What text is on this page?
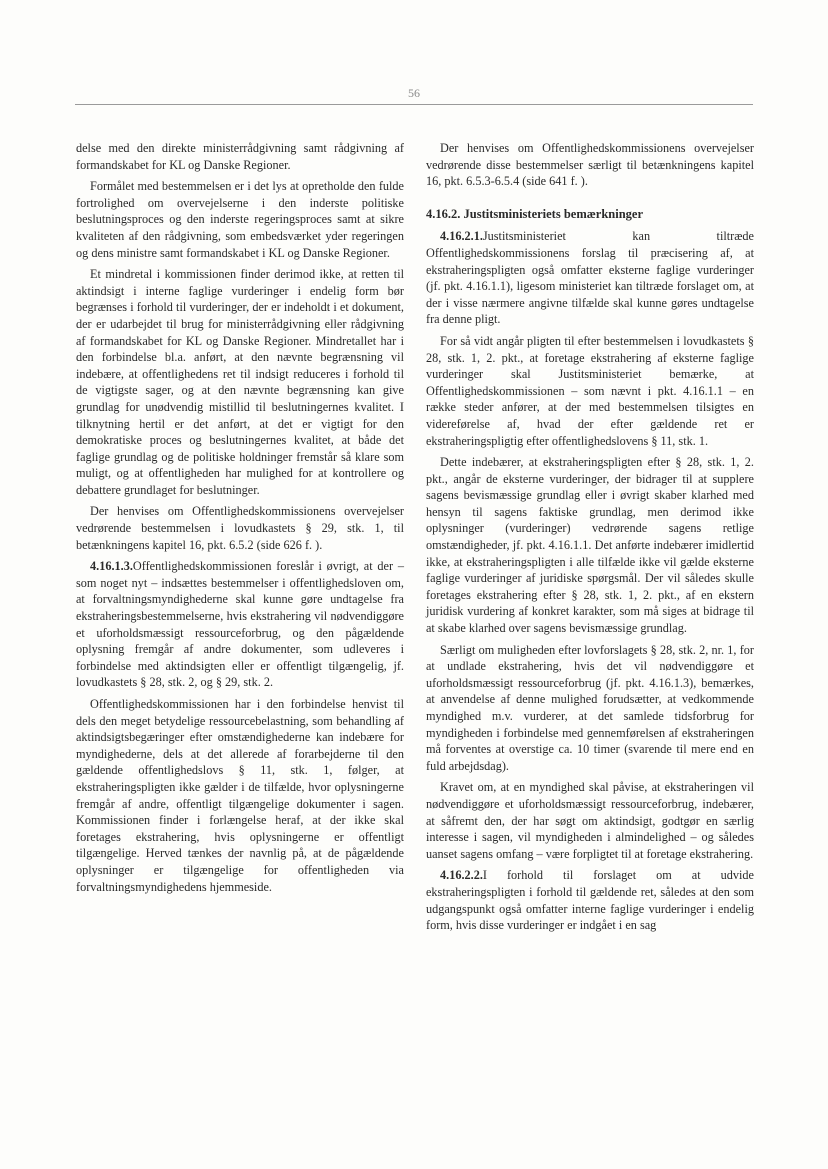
56

delse med den direkte ministerrådgivning samt rådgivning af formandskabet for KL og Danske Regioner.

Formålet med bestemmelsen er i det lys at opretholde den fulde fortrolighed om overvejelserne i den inderste politiske beslutningsproces og den inderste regeringsproces samt at sikre kvaliteten af den rådgivning, som embedsværket yder regeringen og dens ministre samt formandskabet i KL og Danske Regioner.

Et mindretal i kommissionen finder derimod ikke, at retten til aktindsigt i interne faglige vurderinger i endelig form bør begrænses i forhold til vurderinger, der er indeholdt i et dokument, der er udarbejdet til brug for ministerrådgivning eller rådgivning af formandskabet for KL og Danske Regioner. Mindretallet har i den forbindelse bl.a. anført, at den nævnte begrænsning vil indebære, at offentlighedens ret til indsigt reduceres i forhold til de vigtigste sager, og at den nævnte begrænsning kan give grundlag for unødvendig mistillid til beslutningernes kvalitet. I tilknytning hertil er det anført, at det er vigtigt for den demokratiske proces og beslutningernes kvalitet, at både det faglige grundlag og de politiske holdninger fremstår så klare som muligt, og at offentligheden har mulighed for at kontrollere og debattere grundlaget for beslutninger.

Der henvises om Offentlighedskommissionens overvejelser vedrørende bestemmelsen i lovudkastets § 29, stk. 1, til betænkningens kapitel 16, pkt. 6.5.2 (side 626 f. ).

4.16.1.3.Offentlighedskommissionen foreslår i øvrigt, at der – som noget nyt – indsættes bestemmelser i offentlighedsloven om, at forvaltningsmyndighederne skal kunne gøre undtagelse fra ekstraheringsbestemmelserne, hvis ekstrahering vil nødvendiggøre et uforholdsmæssigt ressourceforbrug, og den pågældende oplysning fremgår af andre dokumenter, som udleveres i forbindelse med aktindsigten eller er offentligt tilgængelig, jf. lovudkastets § 28, stk. 2, og § 29, stk. 2.

Offentlighedskommissionen har i den forbindelse henvist til dels den meget betydelige ressourcebelastning, som behandling af aktindsigtsbegæringer efter omstændighederne kan indebære for myndighederne, dels at det allerede af forarbejderne til den gældende offentlighedslovs § 11, stk. 1, følger, at ekstraheringspligten ikke gælder i de tilfælde, hvor oplysningerne fremgår af andre, offentligt tilgængelige dokumenter i sagen. Kommissionen finder i forlængelse heraf, at der ikke skal foretages ekstrahering, hvis oplysningerne er offentligt tilgængelige. Herved tænkes der navnlig på, at de pågældende oplysninger er tilgængelige for offentligheden via forvaltningsmyndighedens hjemmeside.

Der henvises om Offentlighedskommissionens overvejelser vedrørende disse bestemmelser særligt til betænkningens kapitel 16, pkt. 6.5.3-6.5.4 (side 641 f. ).

4.16.2. Justitsministeriets bemærkninger

4.16.2.1.Justitsministeriet kan tiltræde Offentlighedskommissionens forslag til præcisering af, at ekstraheringspligten også omfatter eksterne faglige vurderinger (jf. pkt. 4.16.1.1), ligesom ministeriet kan tiltræde forslaget om, at der i visse nærmere angivne tilfælde skal kunne gøres undtagelse fra denne pligt.

For så vidt angår pligten til efter bestemmelsen i lovudkastets § 28, stk. 1, 2. pkt., at foretage ekstrahering af eksterne faglige vurderinger skal Justitsministeriet bemærke, at Offentlighedskommissionen – som nævnt i pkt. 4.16.1.1 – en række steder anfører, at der med bestemmelsen tilsigtes en videreførelse af, hvad der efter gældende ret er ekstraheringspligtig efter offentlighedslovens § 11, stk. 1.

Dette indebærer, at ekstraheringspligten efter § 28, stk. 1, 2. pkt., angår de eksterne vurderinger, der bidrager til at supplere sagens bevismæssige grundlag eller i øvrigt skaber klarhed med hensyn til sagens faktiske grundlag, men derimod ikke oplysninger (vurderinger) vedrørende sagens retlige omstændigheder, jf. pkt. 4.16.1.1. Det anførte indebærer imidlertid ikke, at ekstraheringspligten i alle tilfælde ikke vil gælde eksterne faglige vurderinger af juridiske spørgsmål. Der vil således skulle foretages ekstrahering efter § 28, stk. 1, 2. pkt., af en ekstern juridisk vurdering af konkret karakter, som må siges at bidrage til at skabe klarhed over sagens bevismæssige grundlag.

Særligt om muligheden efter lovforslagets § 28, stk. 2, nr. 1, for at undlade ekstrahering, hvis det vil nødvendiggøre et uforholdsmæssigt ressourceforbrug (jf. pkt. 4.16.1.3), bemærkes, at anvendelse af denne mulighed forudsætter, at vedkommende myndighed m.v. vurderer, at det samlede tidsforbrug for myndigheden i forbindelse med gennemførelsen af ekstraheringen må forventes at overstige ca. 10 timer (svarende til mere end en fuld arbejdsdag).

Kravet om, at en myndighed skal påvise, at ekstraheringen vil nødvendiggøre et uforholdsmæssigt ressourceforbrug, indebærer, at såfremt den, der har søgt om aktindsigt, godtgør en særlig interesse i sagen, vil myndigheden i almindelighed – og således uanset sagens omfang – være forpligtet til at foretage ekstrahering.

4.16.2.2.I forhold til forslaget om at udvide ekstraheringspligten i forhold til gældende ret, således at den som udgangspunkt også omfatter interne faglige vurderinger i endelig form, hvis disse vurderinger er indgået i en sag
